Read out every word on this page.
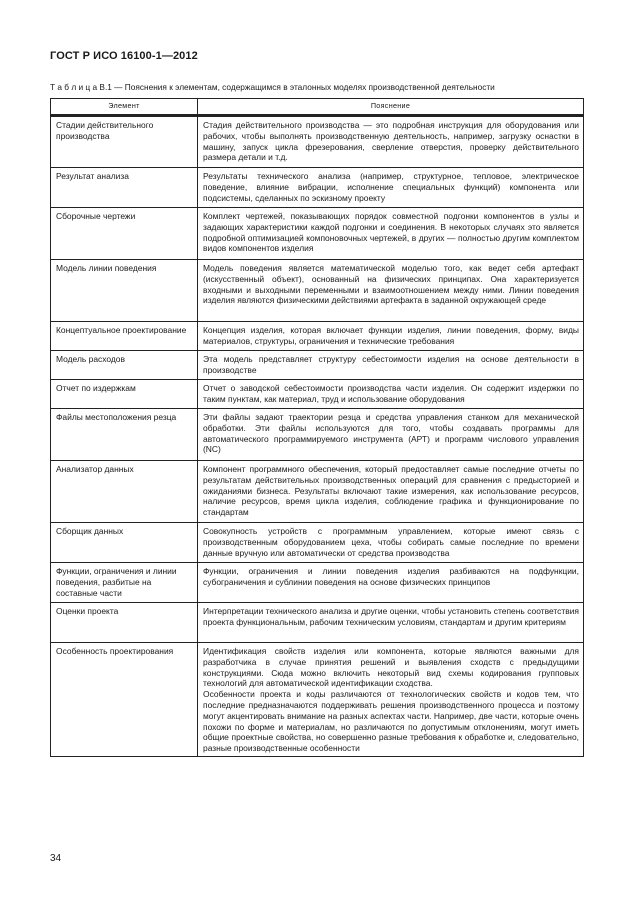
ГОСТ Р ИСО 16100-1—2012
Т а б л и ц а В.1 — Пояснения к элементам, содержащимся в эталонных моделях производственной деятельности
Элемент	Пояснение

Стадии действительного производства	Стадия действительного производства — это подробная инструкция для оборудования или рабочих, чтобы выполнять производственную деятельность, например, загрузку оснастки в машину, запуск цикла фрезерования, сверление отверстия, проверку действительного размера детали и т.д.
Результат анализа	Результаты технического анализа (например, структурное, тепловое, электрическое поведение, влияние вибрации, исполнение специальных функций) компонента или подсистемы, сделанных по эскизному проекту
Сборочные чертежи	Комплект чертежей, показывающих порядок совместной подгонки компонентов в узлы и задающих характеристики каждой подгонки и соединения. В некоторых случаях это является подробной оптимизацией компоновочных чертежей, в других — полностью другим комплектом видов компонентов изделия
Модель линии поведения	Модель поведения является математической моделью того, как ведет себя артефакт (искусственный объект), основанный на физических принципах. Она характеризуется входными и выходными переменными и взаимоотношением между ними. Линии поведения изделия являются физическими действиями артефакта в заданной окружающей среде
Концептуальное проектирование	Концепция изделия, которая включает функции изделия, линии поведения, форму, виды материалов, структуры, ограничения и технические требования
Модель расходов	Эта модель представляет структуру себестоимости изделия на основе деятельности в производстве
Отчет по издержкам	Отчет о заводской себестоимости производства части изделия. Он содержит издержки по таким пунктам, как материал, труд и использование оборудования
Файлы местоположения резца	Эти файлы задают траектории резца и средства управления станком для механической обработки. Эти файлы используются для того, чтобы создавать программы для автоматического программируемого инструмента (АРТ) и программ числового управления (NC)
Анализатор данных	Компонент программного обеспечения, который предоставляет самые последние отчеты по результатам действительных производственных операций для сравнения с предысторией и ожиданиями бизнеса. Результаты включают такие измерения, как использование ресурсов, наличие ресурсов, время цикла изделия, соблюдение графика и функционирование по стандартам
Сборщик данных	Совокупность устройств с программным управлением, которые имеют связь с производственным оборудованием цеха, чтобы собирать самые последние по времени данные вручную или автоматически от средства производства
Функции, ограничения и линии поведения, разбитые на составные части	Функции, ограничения и линии поведения изделия разбиваются на подфункции, субограничения и сублинии поведения на основе физических принципов
Оценки проекта	Интерпретации технического анализа и другие оценки, чтобы установить степень соответствия проекта функциональным, рабочим техническим условиям, стандартам и другим критериям
Особенность проектирования	Идентификация свойств изделия или компонента, которые являются важными для разработчика в случае принятия решений и выявления сходств с предыдущими конструкциями. Сюда можно включить некоторый вид схемы кодирования групповых технологий для автоматической идентификации сходства.

Особенности проекта и коды различаются от технологических свойств и кодов тем, что последние предназначаются поддерживать решения производственного процесса и поэтому могут акцентировать внимание на разных аспектах части. Например, две части, которые очень похожи по форме и материалам, но различаются по допустимым отклонениям, могут иметь общие проектные свойства, но совершенно разные требования к обработке и, следовательно, разные производственные особенности

34
